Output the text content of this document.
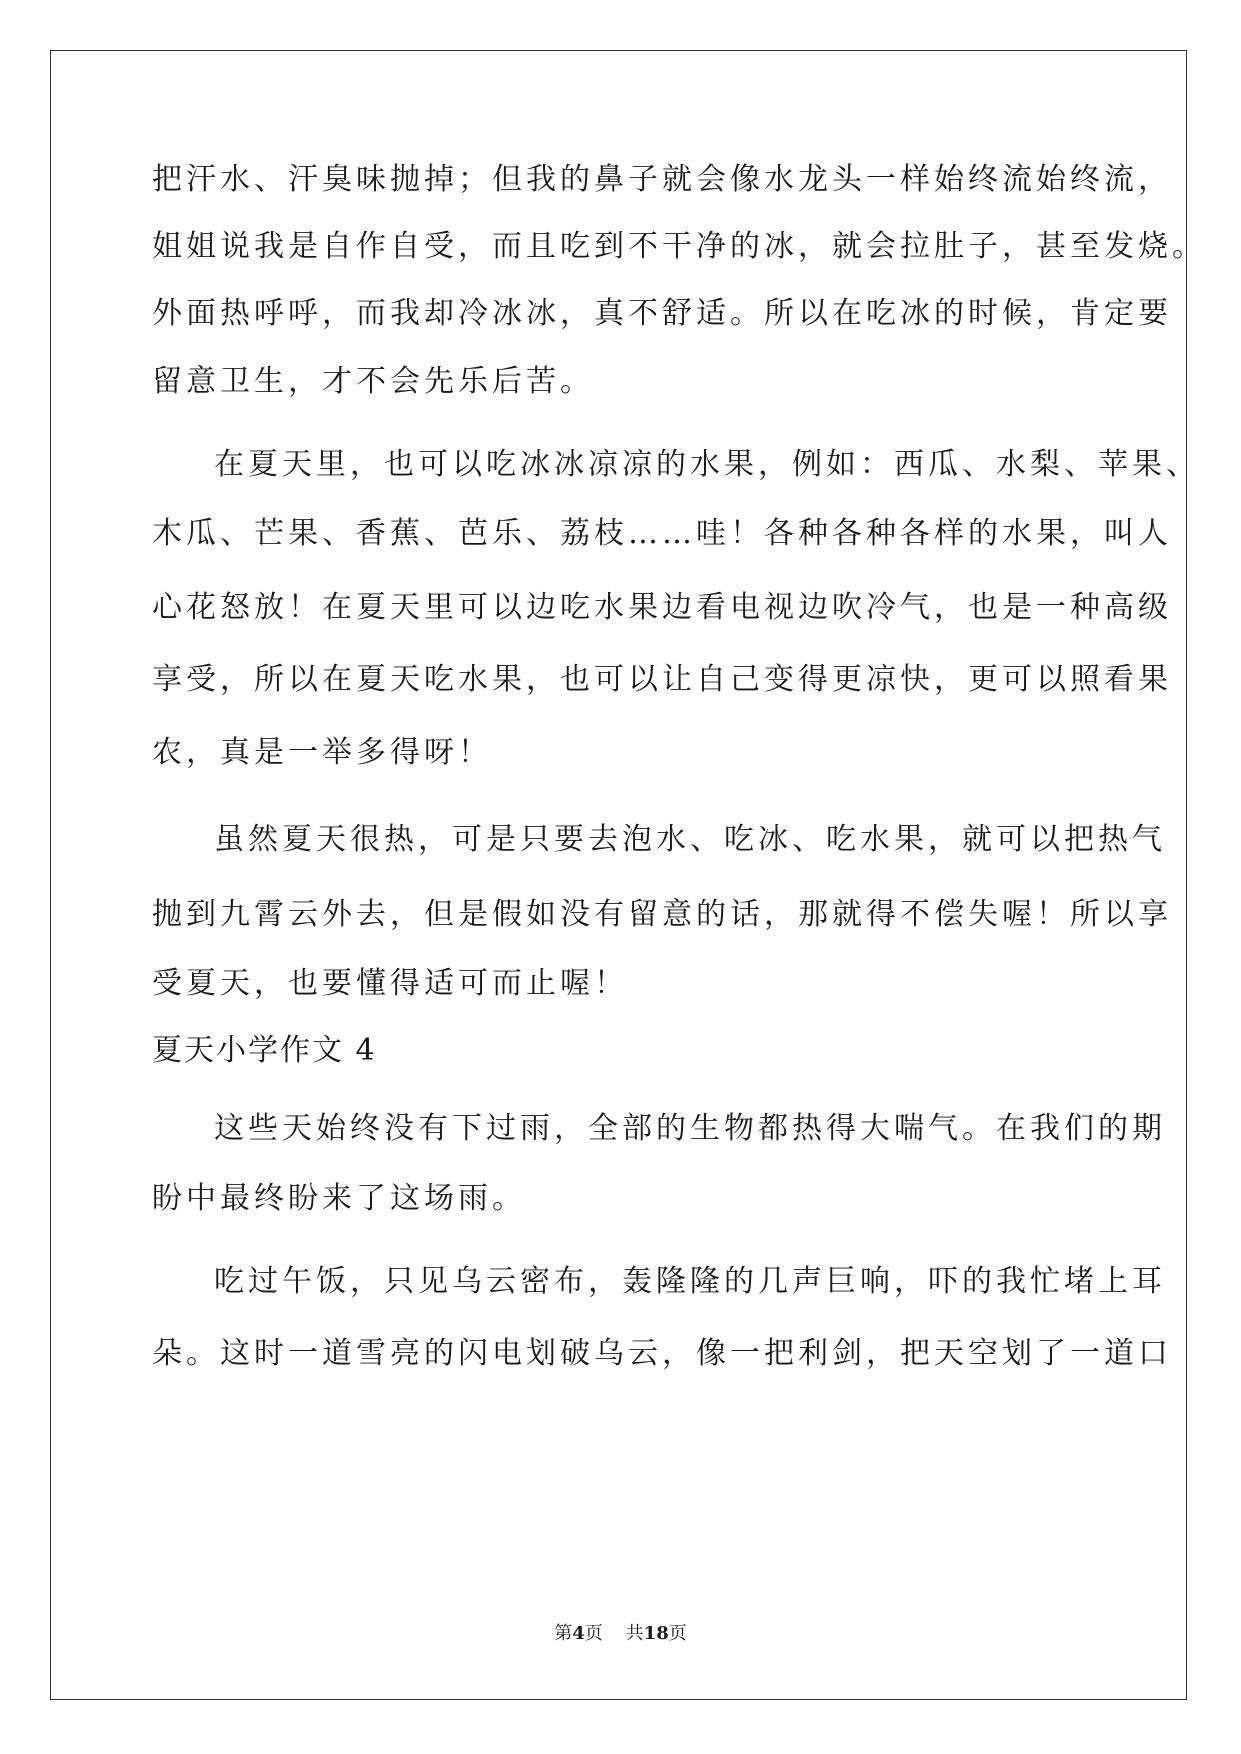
把汗水、汗臭味抛掉；但我的鼻子就会像水龙头一样始终流始终流，
姐姐说我是自作自受，而且吃到不干净的冰，就会拉肚子，甚至发烧。
外面热呼呼，而我却冷冰冰，真不舒适。所以在吃冰的时候，肯定要
留意卫生，才不会先乐后苦。
在夏天里，也可以吃冰冰凉凉的水果，例如：西瓜、水梨、苹果、
木瓜、芒果、香蕉、芭乐、荔枝……哇！各种各种各样的水果，叫人
心花怒放！在夏天里可以边吃水果边看电视边吹冷气，也是一种高级
享受，所以在夏天吃水果，也可以让自己变得更凉快，更可以照看果
农，真是一举多得呀！
虽然夏天很热，可是只要去泡水、吃冰、吃水果，就可以把热气
抛到九霄云外去，但是假如没有留意的话，那就得不偿失喔！所以享
受夏天，也要懂得适可而止喔！
夏天小学作文 4
这些天始终没有下过雨，全部的生物都热得大喘气。在我们的期
盼中最终盼来了这场雨。
吃过午饭，只见乌云密布，轰隆隆的几声巨响，吓的我忙堵上耳
朵。这时一道雪亮的闪电划破乌云，像一把利剑，把天空划了一道口
第4页 共18页
